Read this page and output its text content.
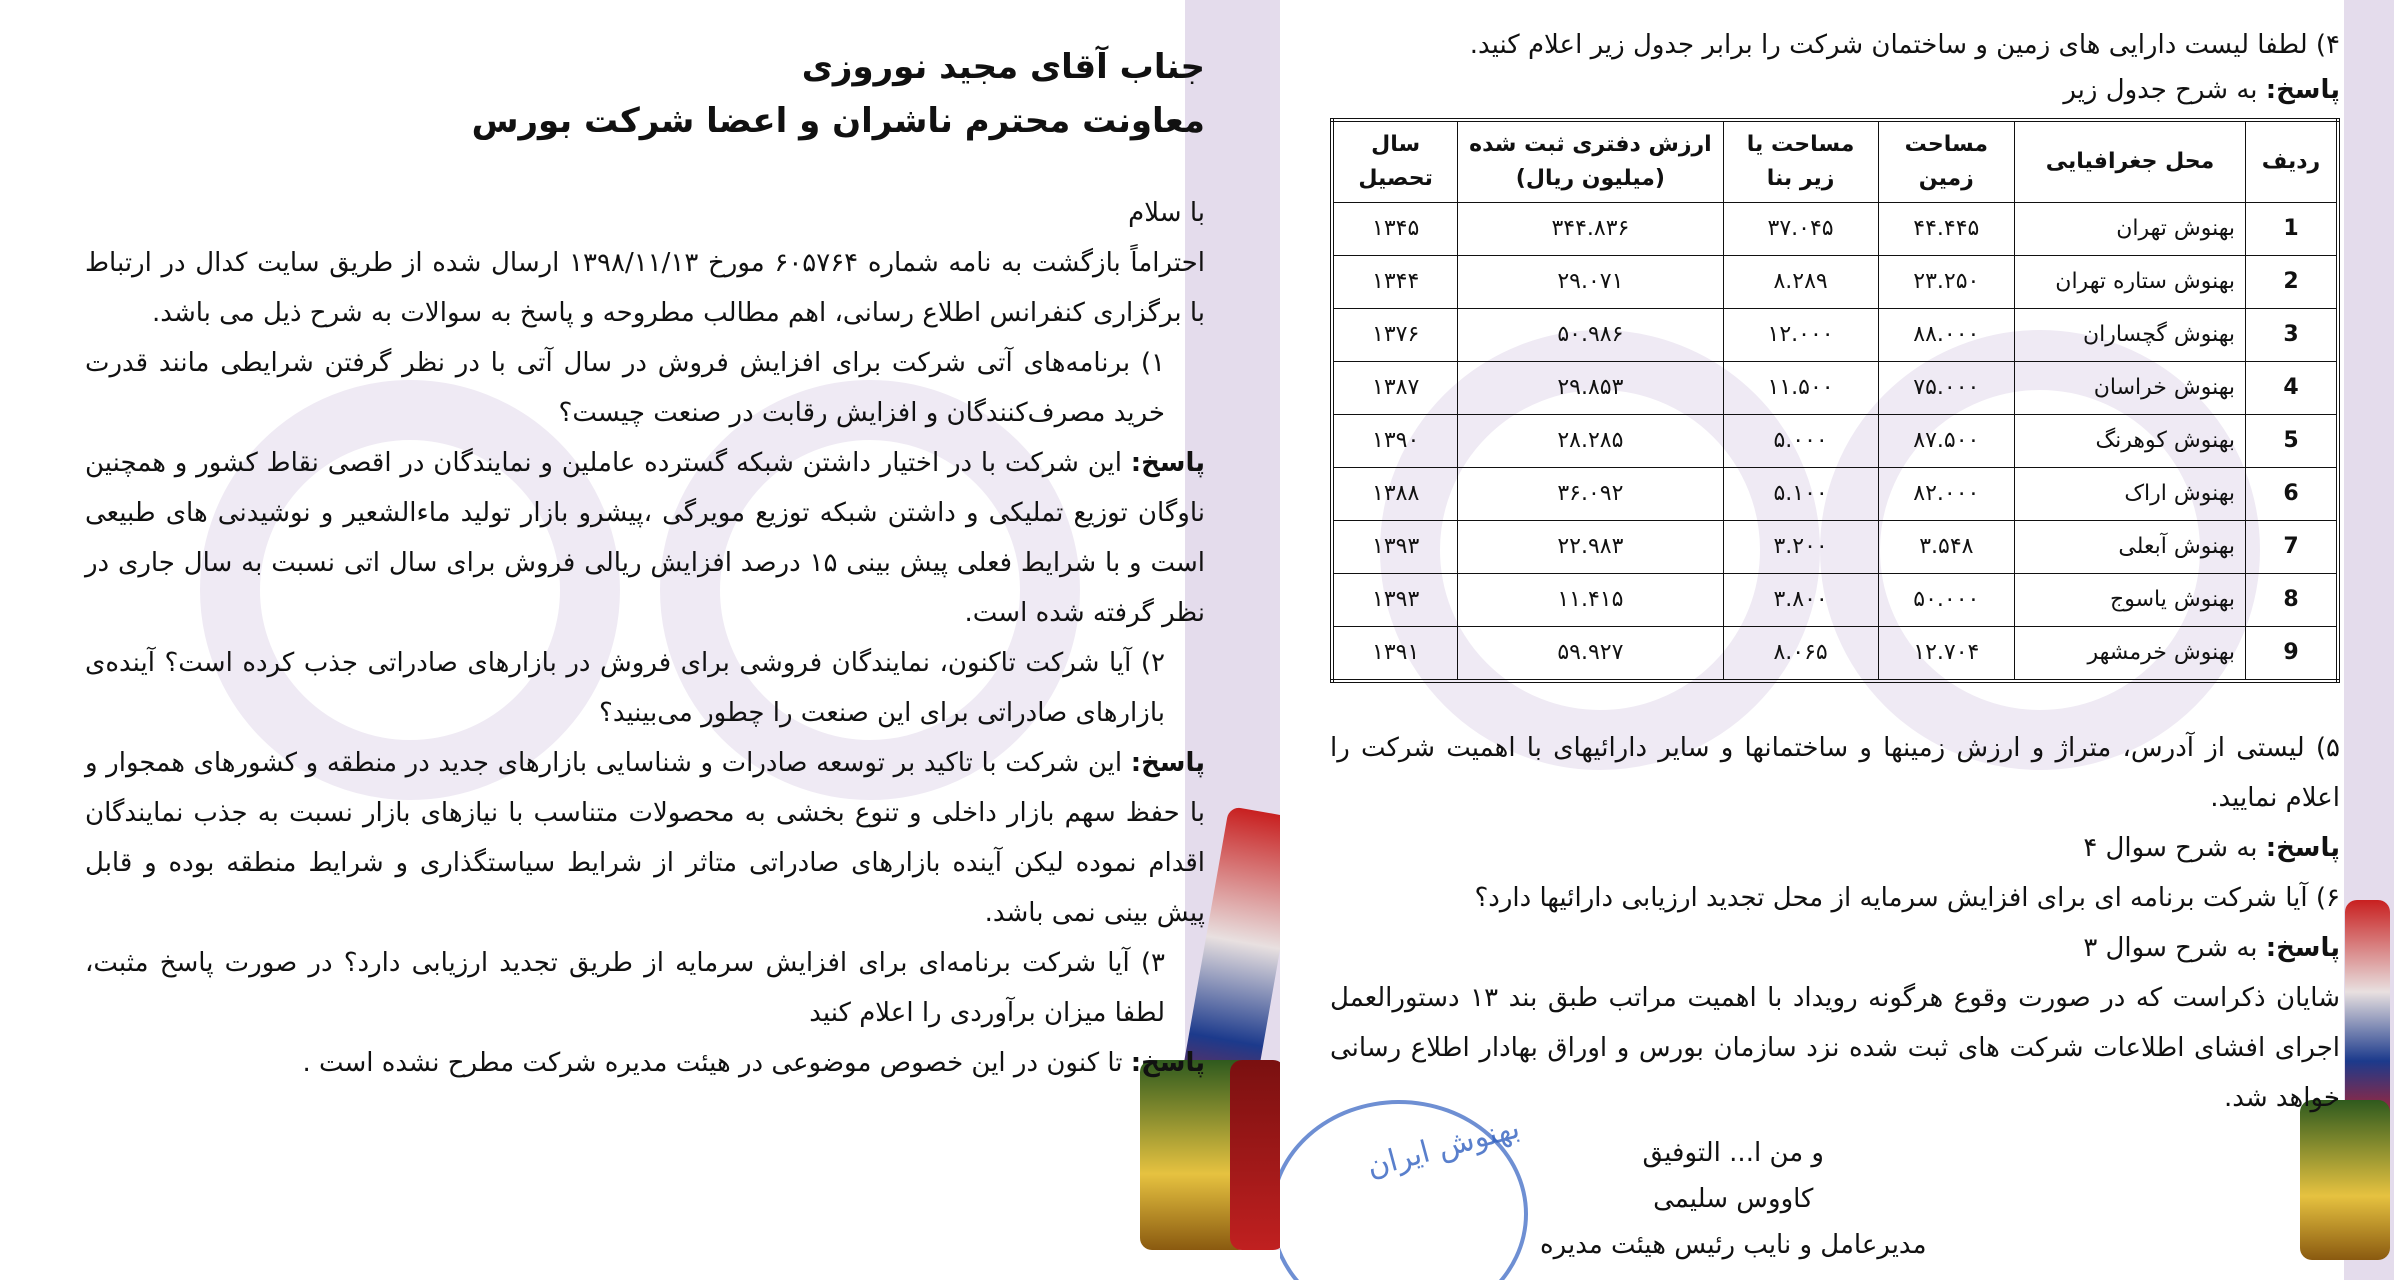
جناب آقای مجید نوروزی
معاونت محترم ناشران و اعضا شرکت بورس
با سلام
احتراماً بازگشت به نامه شماره ۶۰۵۷۶۴ مورخ ۱۳۹۸/۱۱/۱۳ ارسال شده از طریق سایت کدال در ارتباط با برگزاری کنفرانس اطلاع رسانی، اهم مطالب مطروحه و پاسخ به سوالات به شرح ذیل می باشد.
۱) برنامه‌های آتی شرکت برای افزایش فروش در سال آتی با در نظر گرفتن شرایطی مانند قدرت خرید مصرف‌کنندگان و افزایش رقابت در صنعت چیست؟
پاسخ: این شرکت با در اختیار داشتن شبکه گسترده عاملین و نمایندگان در اقصی نقاط کشور و همچنین ناوگان توزیع تملیکی و داشتن شبکه توزیع مویرگی ،پیشرو بازار تولید ماءالشعیر و نوشیدنی های طبیعی است و با شرایط فعلی پیش بینی ۱۵ درصد افزایش ریالی فروش برای سال اتی نسبت به سال جاری در نظر گرفته شده است.
۲) آیا شرکت تاکنون، نمایندگان فروشی برای فروش در بازارهای صادراتی جذب کرده است؟ آینده‌ی بازارهای صادراتی برای این صنعت را چطور می‌بینید؟
پاسخ: این شرکت با تاکید بر توسعه صادرات و شناسایی بازارهای جدید در منطقه و کشورهای همجوار و با حفظ سهم بازار داخلی و تنوع بخشی به محصولات متناسب با نیازهای بازار نسبت به جذب نمایندگان اقدام نموده لیکن آینده بازارهای صادراتی متاثر از شرایط سیاستگذاری و شرایط منطقه بوده و قابل پیش بینی نمی باشد.
۳) آیا شرکت برنامه‌ای برای افزایش سرمایه از طریق تجدید ارزیابی دارد؟ در صورت پاسخ مثبت، لطفا میزان برآوردی را اعلام کنید
پاسخ: تا کنون در این خصوص موضوعی در هیئت مدیره شرکت مطرح نشده است .
۴) لطفا لیست دارایی های زمین و ساختمان شرکت را برابر جدول زیر اعلام کنید.
پاسخ: به شرح جدول زیر
ردیف	محل جغرافیایی	مساحت زمین	مساحت یا زیر بنا	ارزش دفتری ثبت شده (میلیون ریال)	سال تحصیل
1	بهنوش تهران	۴۴.۴۴۵	۳۷.۰۴۵	۳۴۴.۸۳۶	۱۳۴۵
2	بهنوش ستاره تهران	۲۳.۲۵۰	۸.۲۸۹	۲۹.۰۷۱	۱۳۴۴
3	بهنوش گچساران	۸۸.۰۰۰	۱۲.۰۰۰	۵۰.۹۸۶	۱۳۷۶
4	بهنوش خراسان	۷۵.۰۰۰	۱۱.۵۰۰	۲۹.۸۵۳	۱۳۸۷
5	بهنوش کوهرنگ	۸۷.۵۰۰	۵.۰۰۰	۲۸.۲۸۵	۱۳۹۰
6	بهنوش اراک	۸۲.۰۰۰	۵.۱۰۰	۳۶.۰۹۲	۱۳۸۸
7	بهنوش آبعلی	۳.۵۴۸	۳.۲۰۰	۲۲.۹۸۳	۱۳۹۳
8	بهنوش یاسوج	۵۰.۰۰۰	۳.۸۰۰	۱۱.۴۱۵	۱۳۹۳
9	بهنوش خرمشهر	۱۲.۷۰۴	۸.۰۶۵	۵۹.۹۲۷	۱۳۹۱
۵) لیستی از آدرس، متراژ و ارزش زمینها و ساختمانها و سایر دارائیهای با اهمیت شرکت را اعلام نمایید.
پاسخ: به شرح سوال ۴
۶) آیا شرکت برنامه ای برای افزایش سرمایه از محل تجدید ارزیابی دارائیها دارد؟
پاسخ: به شرح سوال ۳
شایان ذکراست که در صورت وقوع هرگونه رویداد با اهمیت مراتب طبق بند ۱۳ دستورالعمل اجرای افشای اطلاعات شرکت های ثبت شده نزد سازمان بورس و اوراق بهادار اطلاع رسانی خواهد شد.
بهنوش ایران	و من ا... التوفیق
کاووس سلیمی
مدیرعامل و نایب رئیس هیئت مدیره
